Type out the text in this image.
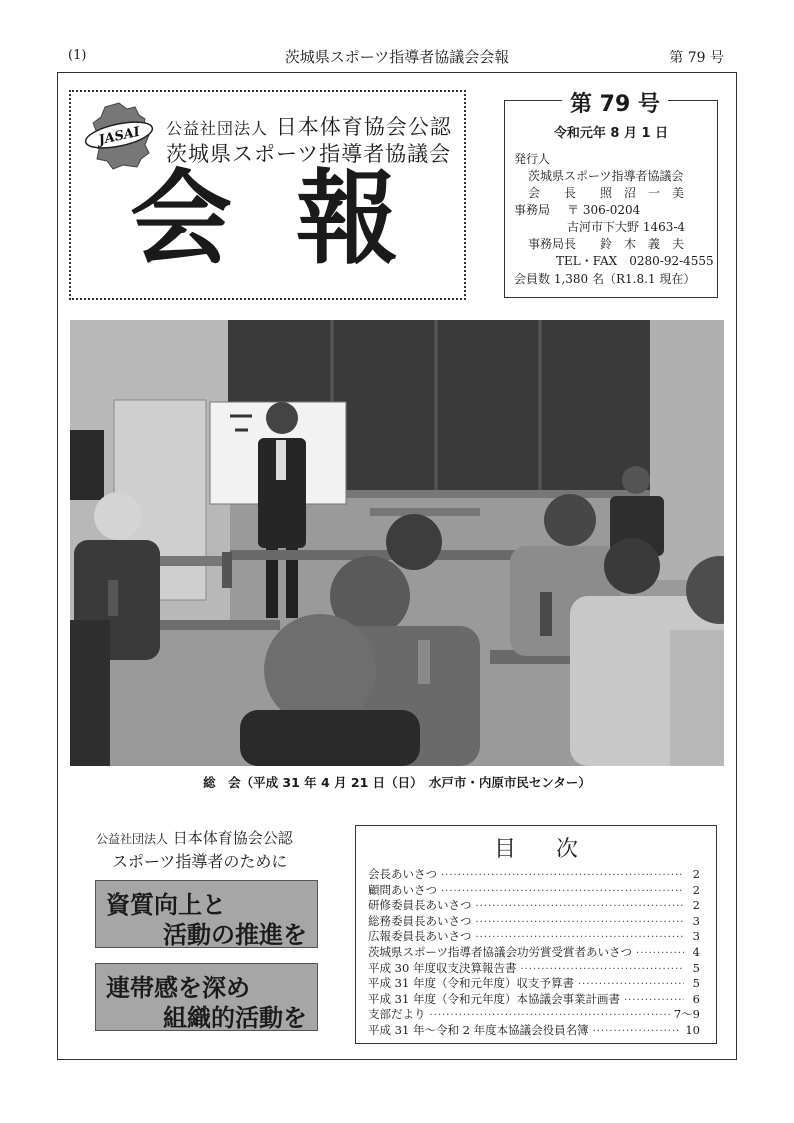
(1)	茨城県スポーツ指導者協議会会報	第 79 号
JASAI 公益社団法人 日本体育協会公認
茨城県スポーツ指導者協議会
会報
第 79 号
令和元年 8 月 1 日
発行人
茨城県スポーツ指導者協議会
会　　長　　照　沼　一　美
事務局 〒 306-0204
古河市下大野 1463-4
事務局長　　鈴　木　義　夫
TEL・FAX　0280-92-4555
会員数 1,380 名（R1.8.1 現在）
総　会（平成 31 年 4 月 21 日（日）　水戸市・内原市民センター）
公益社団法人 日本体育協会公認
スポーツ指導者のために
資質向上と
活動の推進を
連帯感を深め
組織的活動を
目次
会長あいさつ ·····	2
顧問あいさつ ·····	2
研修委員長あいさつ ·····	2
総務委員長あいさつ ·····	3
広報委員長あいさつ ·····	3
茨城県スポーツ指導者協議会功労賞受賞者あいさつ ·····	4
平成 30 年度収支決算報告書 ·····	5
平成 31 年度（令和元年度）収支予算書 ·····	5
平成 31 年度（令和元年度）本協議会事業計画書 ·····	6
支部だより ·····	7〜9
平成 31 年〜令和 2 年度本協議会役員名簿 ·····	10
